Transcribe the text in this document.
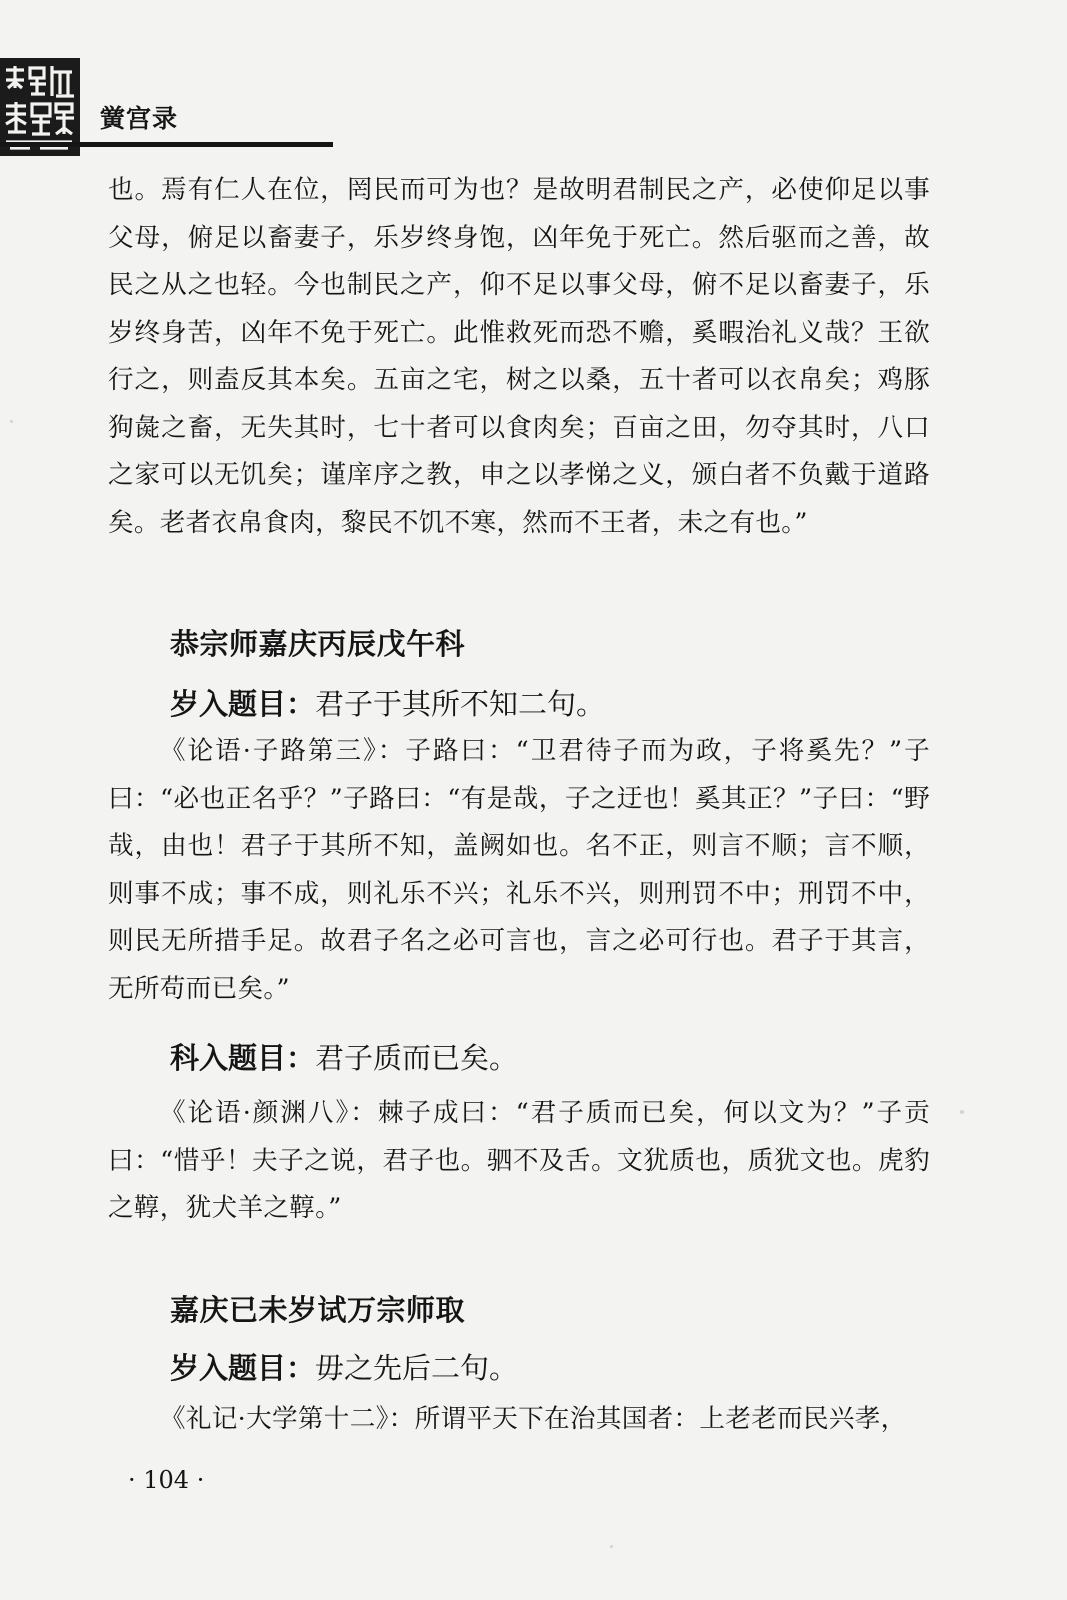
黉宫录
也。焉有仁人在位，罔民而可为也？是故明君制民之产，必使仰足以事父母，俯足以畜妻子，乐岁终身饱，凶年免于死亡。然后驱而之善，故民之从之也轻。今也制民之产，仰不足以事父母，俯不足以畜妻子，乐岁终身苦，凶年不免于死亡。此惟救死而恐不赡，奚暇治礼义哉？王欲行之，则盍反其本矣。五亩之宅，树之以桑，五十者可以衣帛矣；鸡豚狗彘之畜，无失其时，七十者可以食肉矣；百亩之田，勿夺其时，八口之家可以无饥矣；谨庠序之教，申之以孝悌之义，颁白者不负戴于道路矣。老者衣帛食肉，黎民不饥不寒，然而不王者，未之有也。”
恭宗师嘉庆丙辰戊午科
岁入题目：君子于其所不知二句。
《论语·子路第三》：子路曰：“卫君待子而为政，子将奚先？”子曰：“必也正名乎？”子路曰：“有是哉，子之迂也！奚其正？”子曰：“野哉，由也！君子于其所不知，盖阙如也。名不正，则言不顺；言不顺，则事不成；事不成，则礼乐不兴；礼乐不兴，则刑罚不中；刑罚不中，则民无所措手足。故君子名之必可言也，言之必可行也。君子于其言，无所苟而已矣。”
科入题目：君子质而已矣。
《论语·颜渊八》：棘子成曰：“君子质而已矣，何以文为？”子贡曰：“惜乎！夫子之说，君子也。驷不及舌。文犹质也，质犹文也。虎豹之鞟，犹犬羊之鞟。”
嘉庆已未岁试万宗师取
岁入题目：毋之先后二句。
《礼记·大学第十二》：所谓平天下在治其国者：上老老而民兴孝，
· 104 ·
